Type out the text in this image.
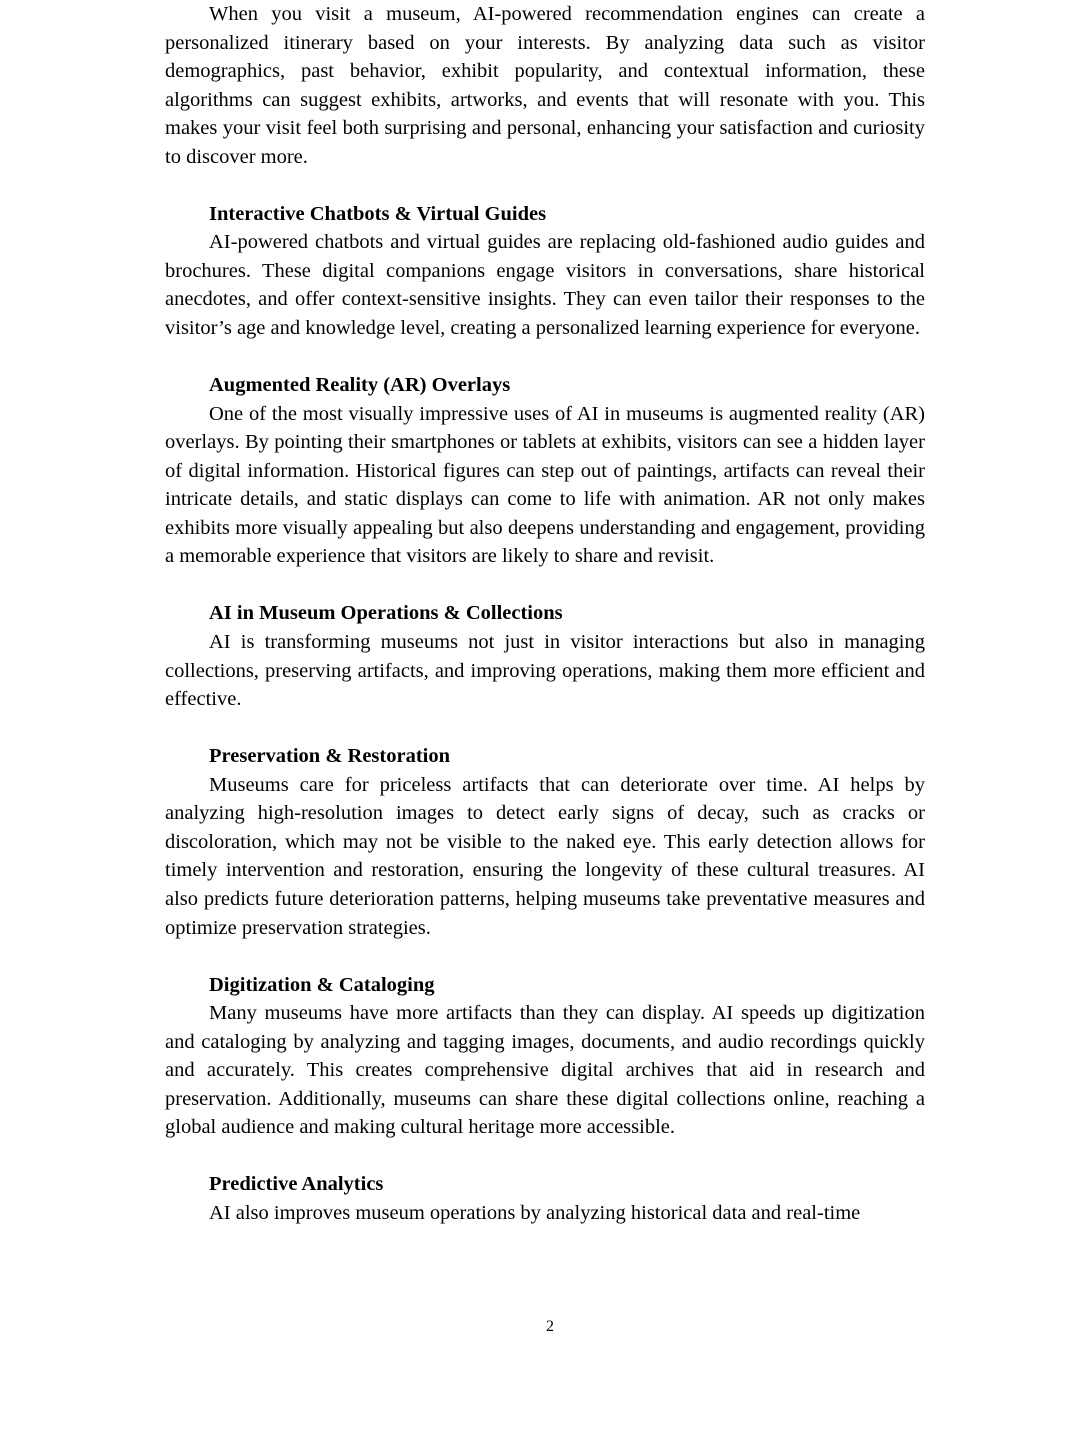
When you visit a museum, AI-powered recommendation engines can create a personalized itinerary based on your interests. By analyzing data such as visitor demographics, past behavior, exhibit popularity, and contextual information, these algorithms can suggest exhibits, artworks, and events that will resonate with you. This makes your visit feel both surprising and personal, enhancing your satisfaction and curiosity to discover more.

Interactive Chatbots & Virtual Guides

AI-powered chatbots and virtual guides are replacing old-fashioned audio guides and brochures. These digital companions engage visitors in conversations, share historical anecdotes, and offer context-sensitive insights. They can even tailor their responses to the visitor’s age and knowledge level, creating a personalized learning experience for everyone.

Augmented Reality (AR) Overlays

One of the most visually impressive uses of AI in museums is augmented reality (AR) overlays. By pointing their smartphones or tablets at exhibits, visitors can see a hidden layer of digital information. Historical figures can step out of paintings, artifacts can reveal their intricate details, and static displays can come to life with animation. AR not only makes exhibits more visually appealing but also deepens understanding and engagement, providing a memorable experience that visitors are likely to share and revisit.

AI in Museum Operations & Collections

AI is transforming museums not just in visitor interactions but also in managing collections, preserving artifacts, and improving operations, making them more efficient and effective.

Preservation & Restoration

Museums care for priceless artifacts that can deteriorate over time. AI helps by analyzing high-resolution images to detect early signs of decay, such as cracks or discoloration, which may not be visible to the naked eye. This early detection allows for timely intervention and restoration, ensuring the longevity of these cultural treasures. AI also predicts future deterioration patterns, helping museums take preventative measures and optimize preservation strategies.

Digitization & Cataloging

Many museums have more artifacts than they can display. AI speeds up digitization and cataloging by analyzing and tagging images, documents, and audio recordings quickly and accurately. This creates comprehensive digital archives that aid in research and preservation. Additionally, museums can share these digital collections online, reaching a global audience and making cultural heritage more accessible.

Predictive Analytics

AI also improves museum operations by analyzing historical data and real-time

2
